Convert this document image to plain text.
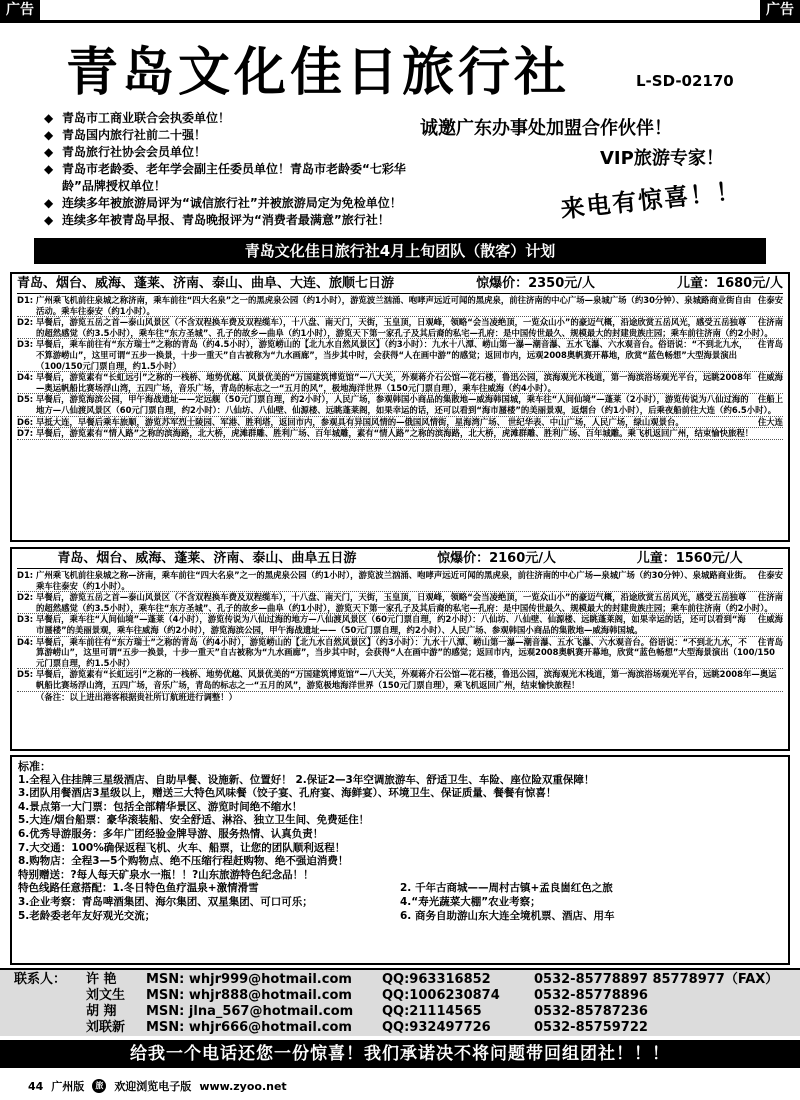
广告	广告
青岛文化佳日旅行社	L-SD-02170
◆ 青岛市工商业联合会执委单位！
◆ 青岛国内旅行社前二十强！
◆ 青岛旅行社协会会员单位！
◆ 青岛市老龄委、老年学会副主任委员单位！青岛市老龄委“七彩华龄”品牌授权单位！
◆ 连续多年被旅游局评为“诚信旅行社”并被旅游局定为免检单位！
◆ 连续多年被青岛早报、青岛晚报评为“消费者最满意”旅行社！
诚邀广东办事处加盟合作伙伴！
VIP旅游专家！
来电有惊喜！！
青岛文化佳日旅行社4月上旬团队（散客）计划
青岛、烟台、威海、蓬莱、济南、泰山、曲阜、大连、旅顺七日游	惊爆价：2350元/人	儿童：1680元/人
D1:	住泰安
广州乘飞机前往泉城之称济南，乘车前往“四大名泉”之一的黑虎泉公园（约1小时），游览波兰汹涌、咆哮声远近可闻的黑虎泉，前往济南的中心广场—泉城广场（约30分钟）、泉城路商业街自由活动。乘车往泰安（约1小时）。
D2:	住济南
早餐后，游览五岳之首—泰山风景区（不含双程换车费及双程缆车），十八盘、南天门，天街，玉皇顶，日观峰，领略“会当凌绝顶，一览众山小”的豪迈气概，沿途欣赏五岳风光，感受五岳独尊的超然感觉（约3.5小时），乘车往“东方圣城”、孔子的故乡—曲阜（约1小时），游览天下第一家孔子及其后裔的私宅—孔府：是中国传世最久、规模最大的封建贵族庄园；乘车前往济南（约2小时）。
D3:	住青岛
早餐后，乘车前往有“东方瑞士”之称的青岛（约4.5小时），游览崂山的【北九水自然风景区】（约3小时）：九水十八潭、崂山第一瀑—潮音瀑、五水飞瀑、六水观音台。俗语说：“不到北九水，不算游崂山”，这里可谓“五步一换景，十步一重天”自古被称为“九水画廊”，当步其中时，会获得“人在画中游”的感觉；返回市内，远观2008奥帆赛开幕地，欣赏“蓝色畅想”大型海景演出（100/150元门票自理，约1.5小时）
D4:	住威海
早餐后，游览素有“长虹远引”之称的一栈桥、地势优越、风景优美的“万国建筑博览馆”—八大关，外观蒋介石公馆—花石楼，鲁迅公园，滨海观光木栈道，第一海滨浴场观光平台，远眺2008年—奥运帆船比赛场浮山湾，五四广场，音乐广场，青岛的标志之一“五月的风”，极地海洋世界（150元门票自理），乘车往威海（约4小时）。
D5:	住船上
早餐后，游览海滨公园，甲午海战遗址——定远舰（50元门票自理，约2小时），人民广场，参观韩国小商品的集散地—威海韩国城，乘车往“人间仙境”—蓬莱（2小时），游览传说为八仙过海的地方—八仙渡风景区（60元门票自理，约2小时）：八仙坊、八仙壁、仙源楼、远眺蓬莱阁，如果幸运的话，还可以看到“海市蜃楼”的美丽景观，返烟台（约1小时），后乘夜船前往大连（约6.5小时）。
D6:	住大连
早抵大连，早餐后乘车旅顺，游览苏军烈士陵园、军港、胜利塔，返回市内，参观具有异国风情的—俄国风情街，星海湾广场、 世纪华表、中山广场，人民广场，绿山观景台。
D7: 早餐后，游览素有“情人路”之称的滨海路，北大桥，虎滩群雕、胜利广场、百年城雕，素有“情人路”之称的滨海路，北大桥，虎滩群雕、胜利广场、百年城雕。乘飞机返回广州，结束愉快旅程！
青岛、烟台、威海、蓬莱、济南、泰山、曲阜五日游	惊爆价：2160元/人	儿童：1560元/人
D1:	住泰安
广州乘飞机前往泉城之称—济南，乘车前往“四大名泉”之一的黑虎泉公园（约1小时），游览波兰汹涌、咆哮声远近可闻的黑虎泉，前往济南的中心广场—泉城广场（约30分钟）、泉城路商业街。乘车往泰安（约1小时）。
D2:	住济南
早餐后，游览五岳之首—泰山风景区（不含双程换车费及双程缆车），十八盘、南天门，天街，玉皇顶，日观峰，领略“会当凌绝顶，一览众山小”的豪迈气概，沿途欣赏五岳风光，感受五岳独尊的超然感觉（约3.5小时），乘车往“东方圣城”、孔子的故乡—曲阜（约1小时），游览天下第一家孔子及其后裔的私宅—孔府：是中国传世最久、规模最大的封建贵族庄园；乘车前往济南（约2小时）。
D3:	住威海
早餐后，乘车往“人间仙境”—蓬莱（4小时），游览传说为八仙过海的地方—八仙渡风景区（60元门票自理，约2小时）：八仙坊、八仙壁、仙源楼、远眺蓬莱阁，如果幸运的话，还可以看到“海市蜃楼”的美丽景观，乘车往威海（约2小时），游览海滨公园，甲午海战遗址——（50元门票自理，约2小时）、人民广场、参观韩国小商品的集散地—威海韩国城。
D4:	住青岛
早餐后，乘车前往有“东方瑞士”之称的青岛（约4小时），游览崂山的【北九水自然风景区】（约3小时）：九水十八潭、崂山第一瀑—潮音瀑、五水飞瀑、六水观音台。俗语说：“不到北九水，不算游崂山”，这里可谓“五步一换景，十步一重天”自古被称为“九水画廊”，当步其中时，会获得“人在画中游”的感觉；返回市内，远观2008奥帆赛开幕地，欣赏“蓝色畅想”大型海景演出（100/150元门票自理，约1.5小时）
D5: 早餐后，游览素有“长虹远引”之称的一栈桥、地势优越、风景优美的“万国建筑博览馆”—八大关，外观蒋介石公馆—花石楼，鲁迅公园，滨海观光木栈道，第一海滨浴场观光平台，远眺2008年—奥运帆船比赛场浮山湾，五四广场，音乐广场，青岛的标志之一“五月的风”，游览极地海洋世界（150元门票自理），乘飞机返回广州，结束愉快旅程！
（备注：以上进出港客根据贵社所订航班进行调整！）
标准：
1.全程入住挂牌三星级酒店、自助早餐、设施新、位置好！ 2.保证2—3年空调旅游车、舒适卫生、车险、座位险双重保障！
3.团队用餐酒店3星级以上，赠送三大特色风味餐（饺子宴、孔府宴、海鲜宴）、环境卫生、保证质量、餐餐有惊喜！
4.景点第一大门票：包括全部精华景区、游览时间绝不缩水！
5.大连/烟台船票：豪华滚装船、安全舒适、淋浴、独立卫生间、免费延住！
6.优秀导游服务：多年广团经验金牌导游、服务热情、认真负责！
7.大交通：100%确保返程飞机、火车、船票，让您的团队顺利返程！
8.购物店：全程3—5个购物点、绝不压缩行程赶购物、绝不强迫消费！
特别赠送：?每人每天矿泉水一瓶！！?山东旅游特色纪念品！！
特色线路任意搭配：1.冬日特色鱼疗温泉+激情滑雪	2. 千年古商城——周村古镇+孟良崮红色之旅
3.企业考察：青岛啤酒集团、海尔集团、双星集团、可口可乐；	4.“寿光蔬菜大棚”农业考察；
5.老龄委老年友好观光交流；	6. 商务自助游山东大连全境机票、酒店、用车
联系人：	许 艳	MSN: whjr999@hotmail.com	QQ:963316852	0532-85778897 85778977（FAX）
刘文生	MSN: whjr888@hotmail.com	QQ:1006230874	0532-85778896
胡 翔	MSN: jlna_567@hotmail.com	QQ:21114565	0532-85787236
刘联新	MSN: whjr666@hotmail.com	QQ:932497726	0532-85759722
给我一个电话还您一份惊喜！我们承诺决不将问题带回组团社！！！
44 广州版	旅 欢迎浏览电子版 www.zyoo.net
